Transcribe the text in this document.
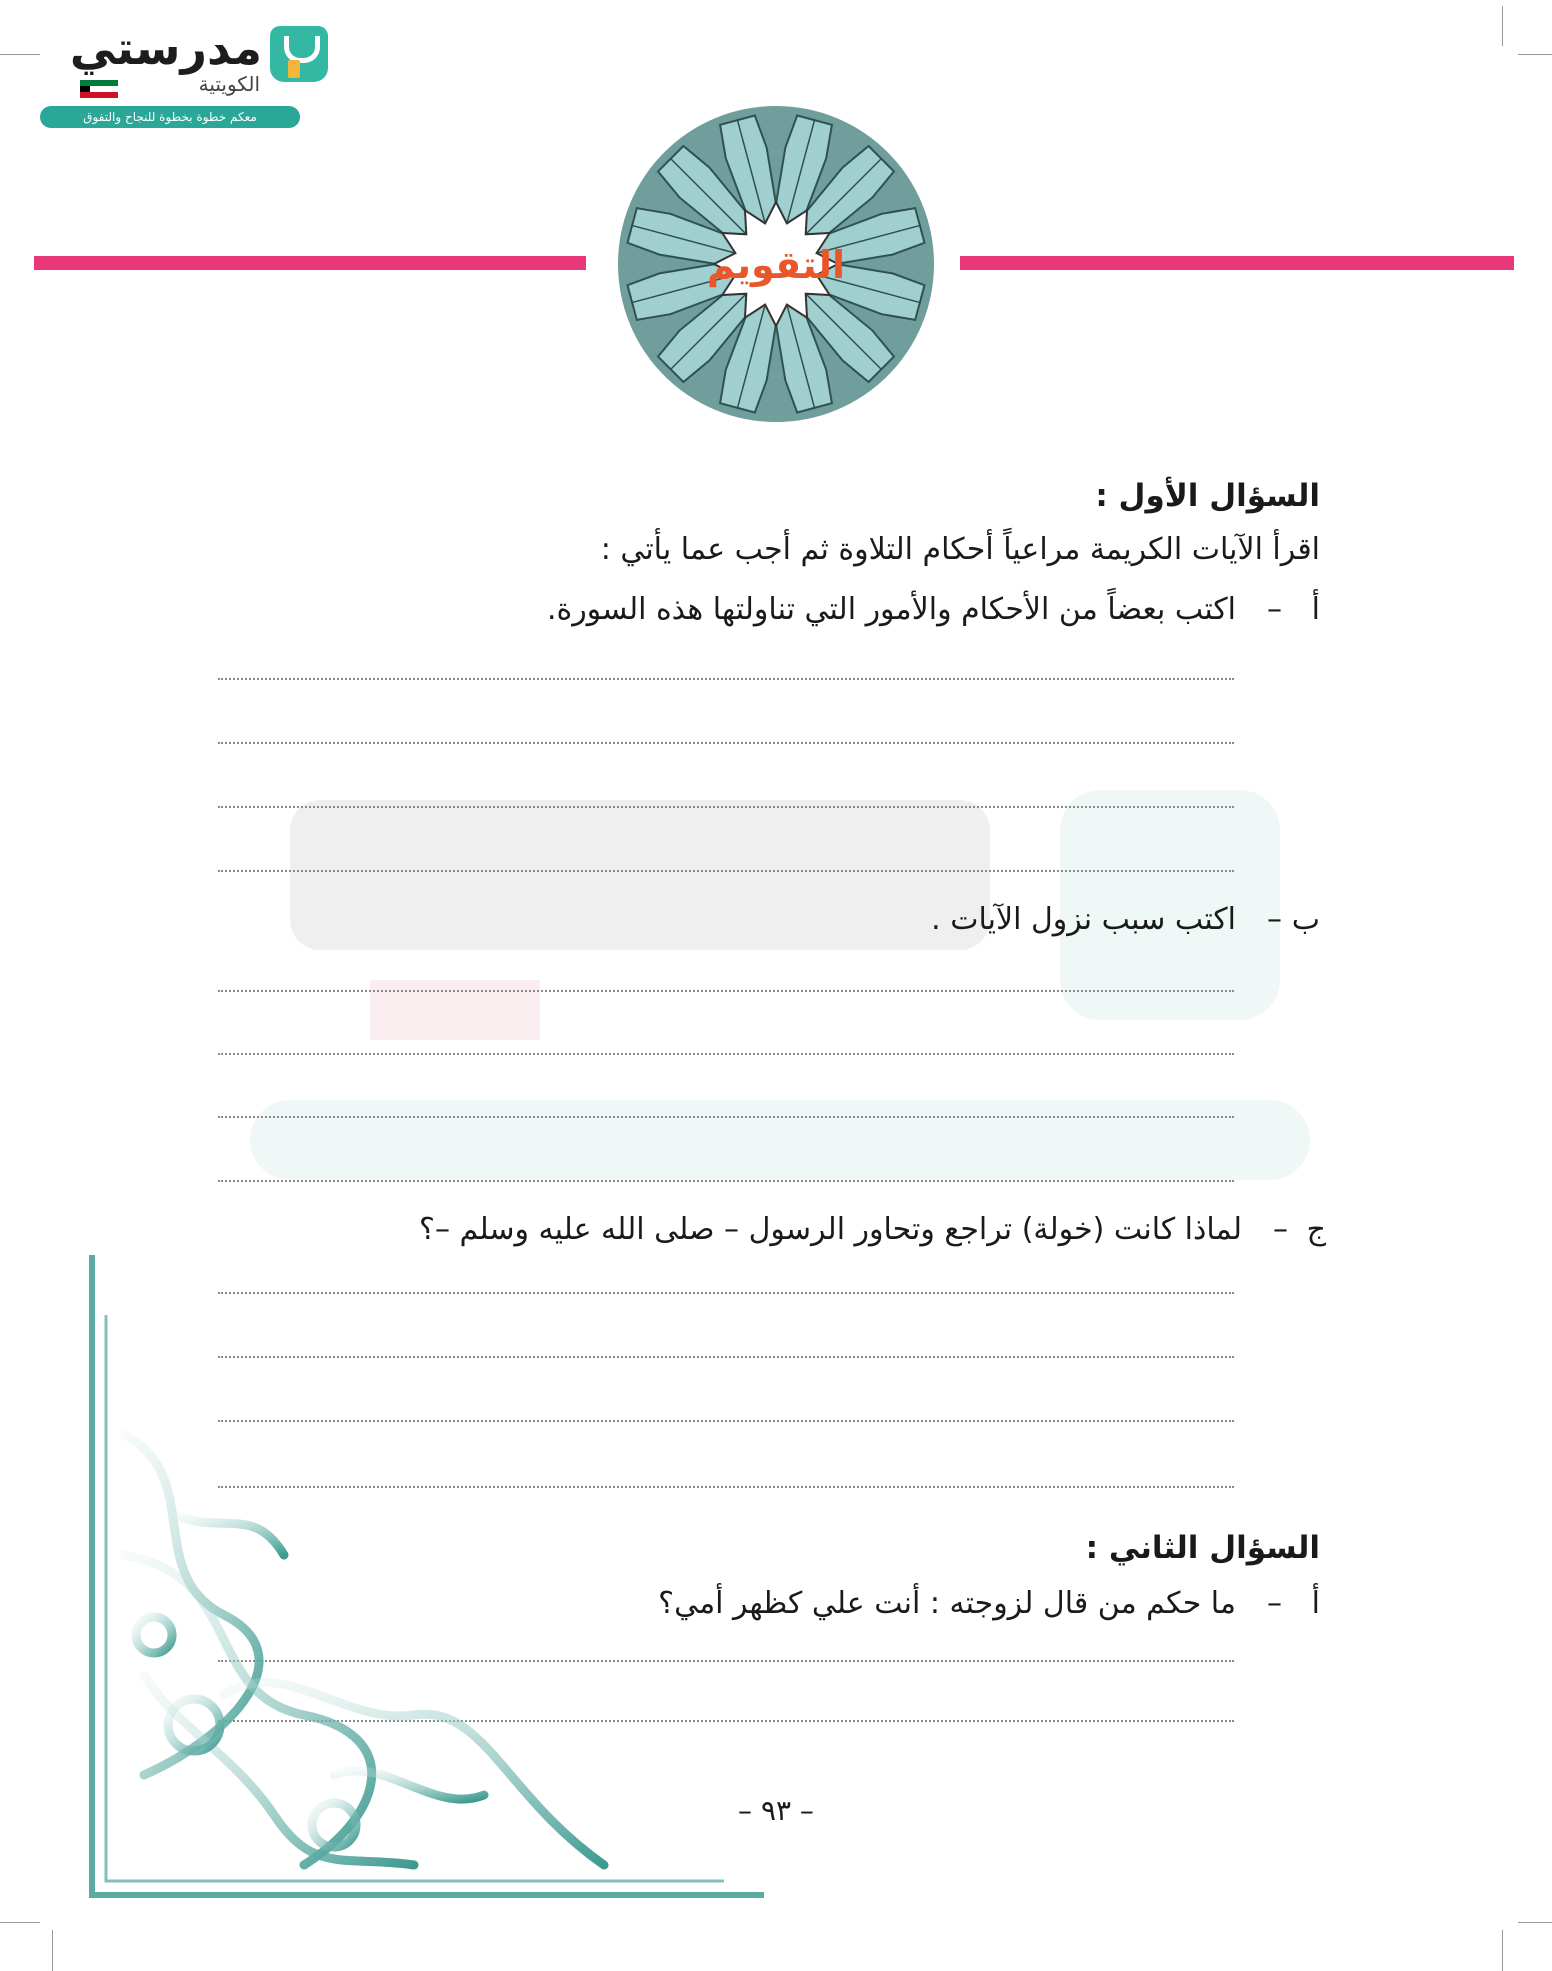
مدرستي
الكويتية
معكم خطوة بخطوة للنجاح والتفوق
التقويم
السؤال الأول :
اقرأ الآيات الكريمة مراعياً أحكام التلاوة ثم أجب عما يأتي :
أ
–
اكتب بعضاً من الأحكام والأمور التي تناولتها هذه السورة.
ب
–
اكتب سبب نزول الآيات .
ج
–
لماذا كانت (خولة) تراجع وتحاور الرسول – صلى الله عليه وسلم –؟
السؤال الثاني :
أ
–
ما حكم من قال لزوجته : أنت علي كظهر أمي؟
– ٩٣ –
